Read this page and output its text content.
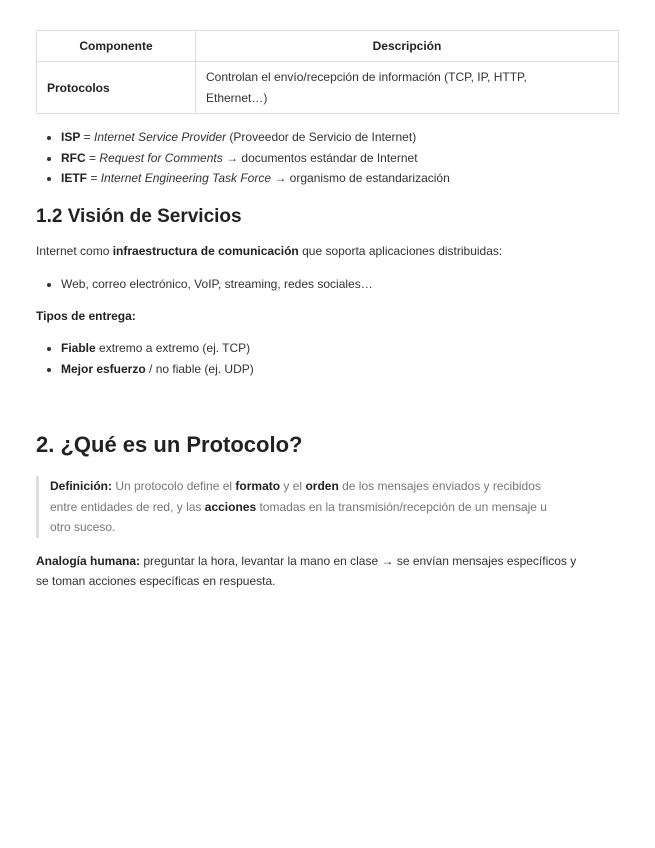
Componente	Descripción
Protocolos	Controlan el envío/recepción de información (TCP, IP, HTTP,
Ethernet…)
• ISP = Internet Service Provider (Proveedor de Servicio de Internet)
• RFC = Request for Comments → documentos estándar de Internet
• IETF = Internet Engineering Task Force → organismo de estandarización
1.2 Visión de Servicios

Internet como infraestructura de comunicación que soporta aplicaciones distribuidas:

• Web, correo electrónico, VoIP, streaming, redes sociales…

Tipos de entrega:

• Fiable extremo a extremo (ej. TCP)
• Mejor esfuerzo / no fiable (ej. UDP)
2. ¿Qué es un Protocolo?
Definición: Un protocolo define el formato y el orden de los mensajes enviados y recibidos
entre entidades de red, y las acciones tomadas en la transmisión/recepción de un mensaje u
otro suceso.

Analogía humana: preguntar la hora, levantar la mano en clase → se envían mensajes específicos y
se toman acciones específicas en respuesta.
